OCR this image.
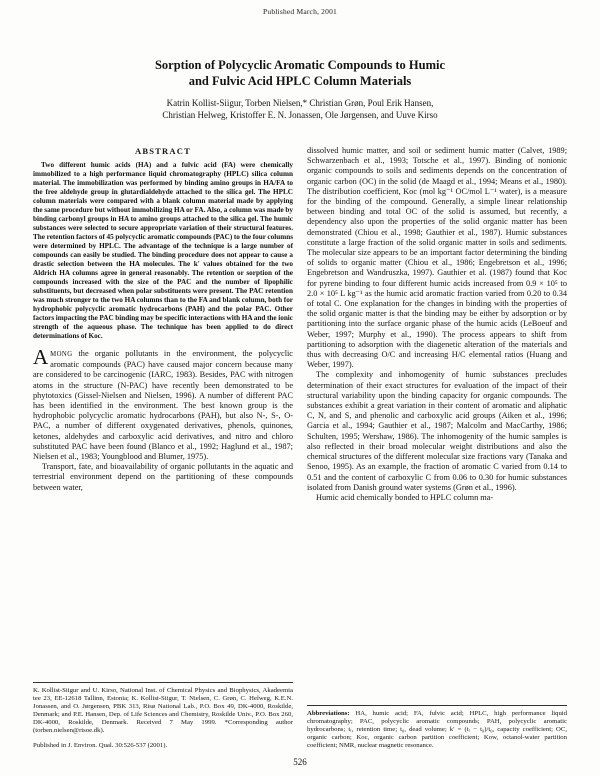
Published March, 2001
Sorption of Polycyclic Aromatic Compounds to Humic
and Fulvic Acid HPLC Column Materials
Katrin Kollist-Siigur, Torben Nielsen,* Christian Grøn, Poul Erik Hansen,
Christian Helweg, Kristoffer E. N. Jonassen, Ole Jørgensen, and Uuve Kirso
ABSTRACT

Two different humic acids (HA) and a fulvic acid (FA) were chemically immobilized to a high performance liquid chromatography (HPLC) silica column material. The immobilization was performed by binding amino groups in HA/FA to the free aldehyde group in glutardialdehyde attached to the silica gel. The HPLC column materials were compared with a blank column material made by applying the same procedure but without immobilizing HA or FA. Also, a column was made by binding carbonyl groups in HA to amino groups attached to the silica gel. The humic substances were selected to secure appropriate variation of their structural features. The retention factors of 45 polycyclic aromatic compounds (PAC) to the four columns were determined by HPLC. The advantage of the technique is a large number of compounds can easily be studied. The binding procedure does not appear to cause a drastic selection between the HA molecules. The k′ values obtained for the two Aldrich HA columns agree in general reasonably. The retention or sorption of the compounds increased with the size of the PAC and the number of lipophilic substituents, but decreased when polar substituents were present. The PAC retention was much stronger to the two HA columns than to the FA and blank column, both for hydrophobic polycyclic aromatic hydrocarbons (PAH) and the polar PAC. Other factors impacting the PAC binding may be specific interactions with HA and the ionic strength of the aqueous phase. The technique has been applied to do direct determinations of Koc.

AMONG the organic pollutants in the environment, the polycyclic aromatic compounds (PAC) have caused major concern because many are considered to be carcinogenic (IARC, 1983). Besides, PAC with nitrogen atoms in the structure (N-PAC) have recently been demonstrated to be phytotoxics (Gissel-Nielsen and Nielsen, 1996). A number of different PAC has been identified in the environment. The best known group is the hydrophobic polycyclic aromatic hydrocarbons (PAH), but also N-, S-, O-PAC, a number of different oxygenated derivatives, phenols, quinones, ketones, aldehydes and carboxylic acid derivatives, and nitro and chloro substituted PAC have been found (Blanco et al., 1992; Haglund et al., 1987; Nielsen et al., 1983; Youngblood and Blumer, 1975).

Transport, fate, and bioavailability of organic pollutants in the aquatic and terrestrial environment depend on the partitioning of these compounds between water,

K. Kollist-Siigur and U. Kirso, National Inst. of Chemical Physics and Biophysics, Akadeemia tee 23, EE-12618 Tallinn, Estonia; K. Kollist-Siigur, T. Nielsen, C. Grøn, C. Helweg, K.E.N. Jonassen, and O. Jørgensen, PBK 313, Risø National Lab., P.O. Box 49, DK-4000, Roskilde, Denmark; and P.E. Hansen, Dep. of Life Sciences and Chemistry, Roskilde Univ., P.O. Box 260, DK-4000, Roskilde, Denmark. Received 7 May 1999. *Corresponding author (torben.nielsen@risoe.dk).

Published in J. Environ. Qual. 30:526-537 (2001).

dissolved humic matter, and soil or sediment humic matter (Calvet, 1989; Schwarzenbach et al., 1993; Totsche et al., 1997). Binding of nonionic organic compounds to soils and sediments depends on the concentration of organic carbon (OC) in the solid (de Maagd et al., 1994; Means et al., 1980). The distribution coefficient, Koc (mol kg⁻¹ OC/mol L⁻¹ water), is a measure for the binding of the compound. Generally, a simple linear relationship between binding and total OC of the solid is assumed, but recently, a dependency also upon the properties of the solid organic matter has been demonstrated (Chiou et al., 1998; Gauthier et al., 1987). Humic substances constitute a large fraction of the solid organic matter in soils and sediments. The molecular size appears to be an important factor determining the binding of solids to organic matter (Chiou et al., 1986; Engebretson et al., 1996; Engebretson and Wandruszka, 1997). Gauthier et al. (1987) found that Koc for pyrene binding to four different humic acids increased from 0.9 × 10⁵ to 2.0 × 10⁵ L kg⁻¹ as the humic acid aromatic fraction varied from 0.20 to 0.34 of total C. One explanation for the changes in binding with the properties of the solid organic matter is that the binding may be either by adsorption or by partitioning into the surface organic phase of the humic acids (LeBoeuf and Weber, 1997; Murphy et al., 1990). The process appears to shift from partitioning to adsorption with the diagenetic alteration of the materials and thus with decreasing O/C and increasing H/C elemental ratios (Huang and Weber, 1997).

The complexity and inhomogenity of humic substances precludes determination of their exact structures for evaluation of the impact of their structural variability upon the binding capacity for organic compounds. The substances exhibit a great variation in their content of aromatic and aliphatic C, N, and S, and phenolic and carboxylic acid groups (Aiken et al., 1996; Garcia et al., 1994; Gauthier et al., 1987; Malcolm and MacCarthy, 1986; Schulten, 1995; Wershaw, 1986). The inhomogenity of the humic samples is also reflected in their broad molecular weight distributions and also the chemical structures of the different molecular size fractions vary (Tanaka and Senoo, 1995). As an example, the fraction of aromatic C varied from 0.14 to 0.51 and the content of carboxylic C from 0.06 to 0.30 for humic substances isolated from Danish ground water systems (Grøn et al., 1996).

Humic acid chemically bonded to HPLC column ma-

Abbreviations: HA, humic acid; FA, fulvic acid; HPLC, high performance liquid chromatography; PAC, polycyclic aromatic compounds; PAH, polycyclic aromatic hydrocarbons; tᵣ, retention time; t₀, dead volume; k′ = (tᵣ − t₀)/t₀, capacity coefficient; OC, organic carbon; Koc, organic carbon partition coefficient; Kow, octanol-water partition coefficient; NMR, nuclear magnetic resonance.

526
